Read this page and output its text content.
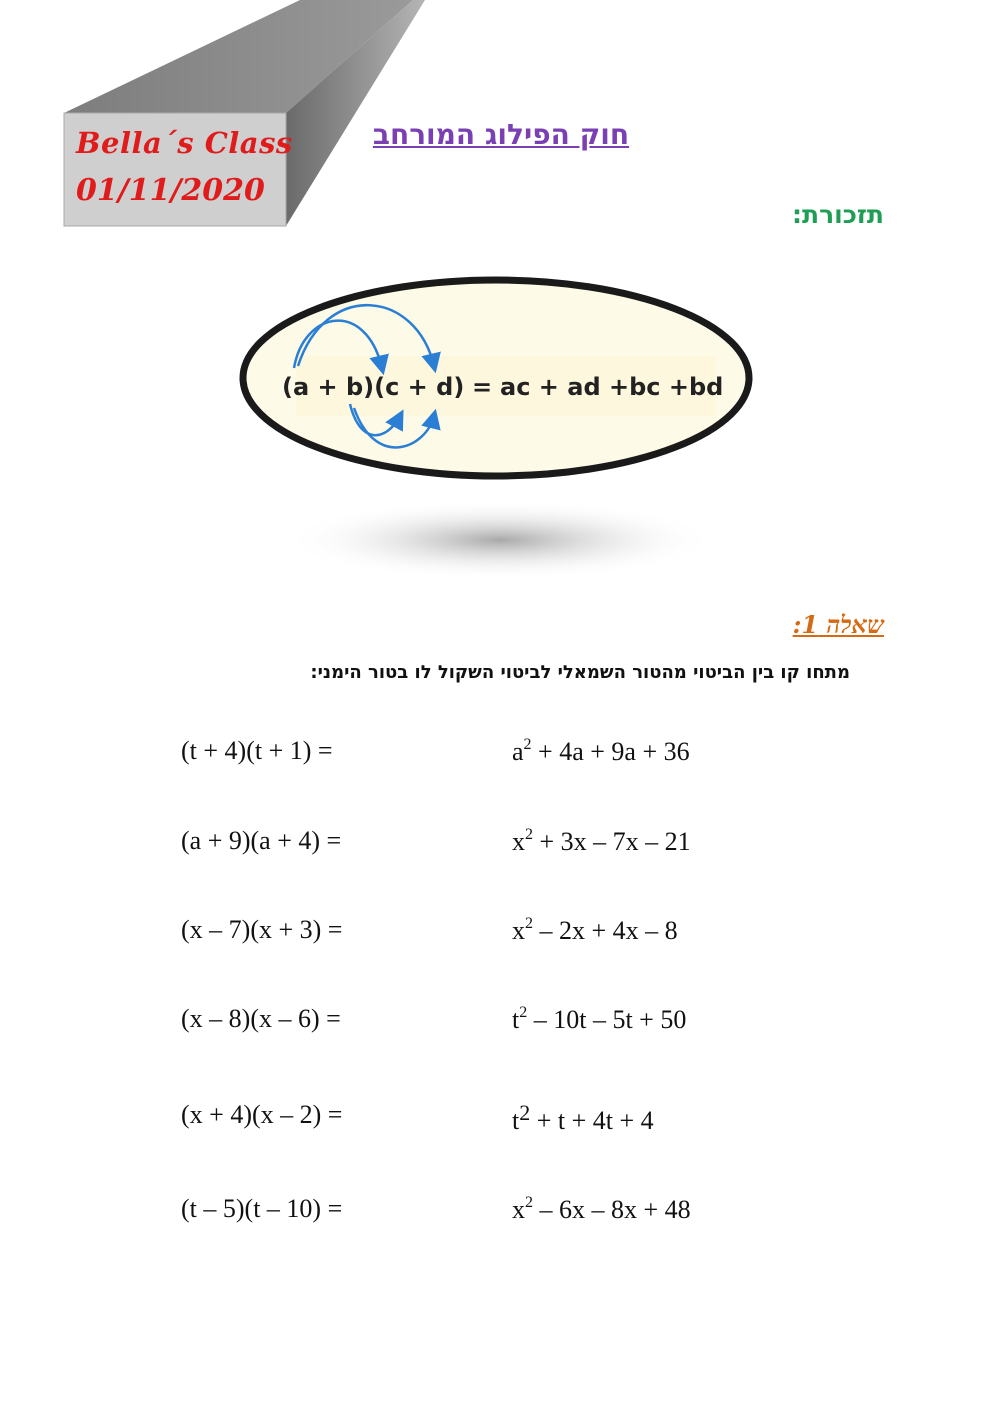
Bella´s Class
01/11/2020
חוק הפילוג המורחב
תזכורת:
(a + b)(c + d) = ac + ad +bc +bd
שאלה 1:
מתחו קו בין הביטוי מהטור השמאלי לביטוי השקול לו בטור הימני:
(t + 4)(t + 1) =
(a + 9)(a + 4) =
(x – 7)(x + 3) =
(x – 8)(x – 6) =
(x + 4)(x – 2) =
(t – 5)(t – 10) =
$a^2 + 4a + 9a + 36$
$x^2 + 3x - 7x - 21$
$x^2 - 2x + 4x - 8$
$t^2 - 10t - 5t + 50$
$t^2 + t + 4t + 4$
$x^2 - 6x - 8x + 48$
